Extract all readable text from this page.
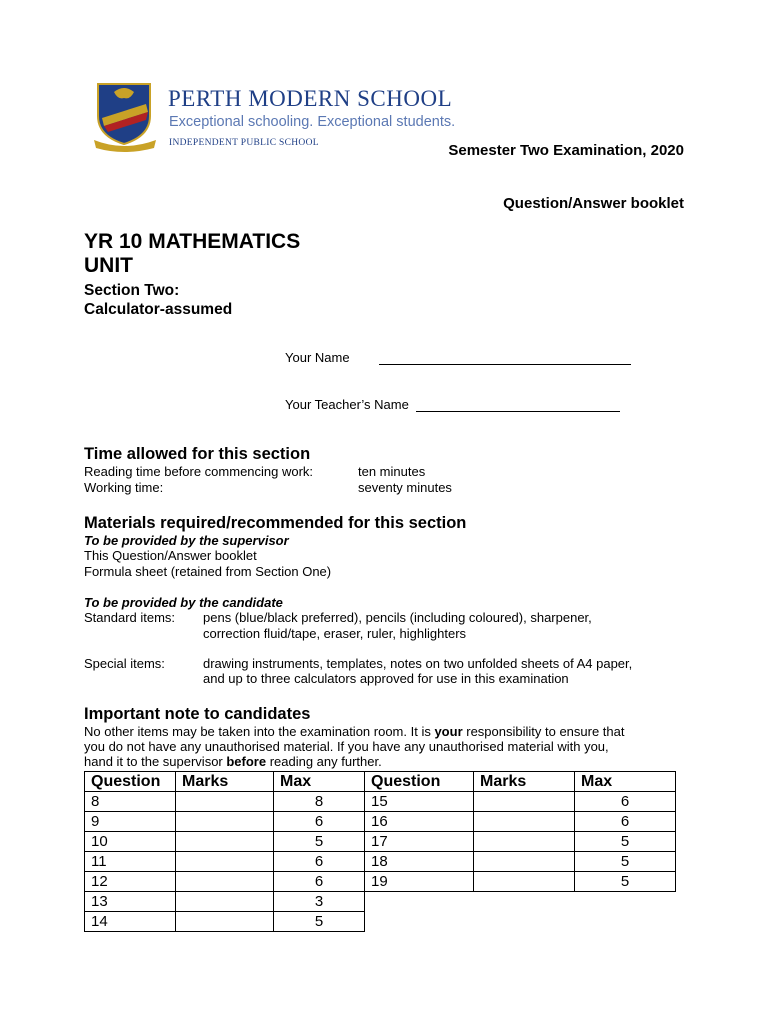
PERTH MODERN SCHOOL
Exceptional schooling. Exceptional students.
INDEPENDENT PUBLIC SCHOOL	Semester Two Examination, 2020
Question/Answer booklet
YR 10 MATHEMATICS
UNIT
Section Two:
Calculator-assumed
Your Name
Your Teacher’s Name
Time allowed for this section
Reading time before commencing work:	ten minutes
Working time:	seventy minutes
Materials required/recommended for this section
To be provided by the supervisor
This Question/Answer booklet
Formula sheet (retained from Section One)
To be provided by the candidate
Standard items: pens (blue/black preferred), pencils (including coloured), sharpener,
correction fluid/tape, eraser, ruler, highlighters
Special items:	drawing instruments, templates, notes on two unfolded sheets of A4 paper,
and up to three calculators approved for use in this examination
Important note to candidates
No other items may be taken into the examination room. It is your responsibility to ensure that
you do not have any unauthorised material. If you have any unauthorised material with you,
hand it to the supervisor before reading any further.
Question	Marks	Max	Question	Marks	Max
8		8	15		6
9		6	16		6
10		5	17		5
11		6	18		5
12		6	19		5
13		3			
14		5			
